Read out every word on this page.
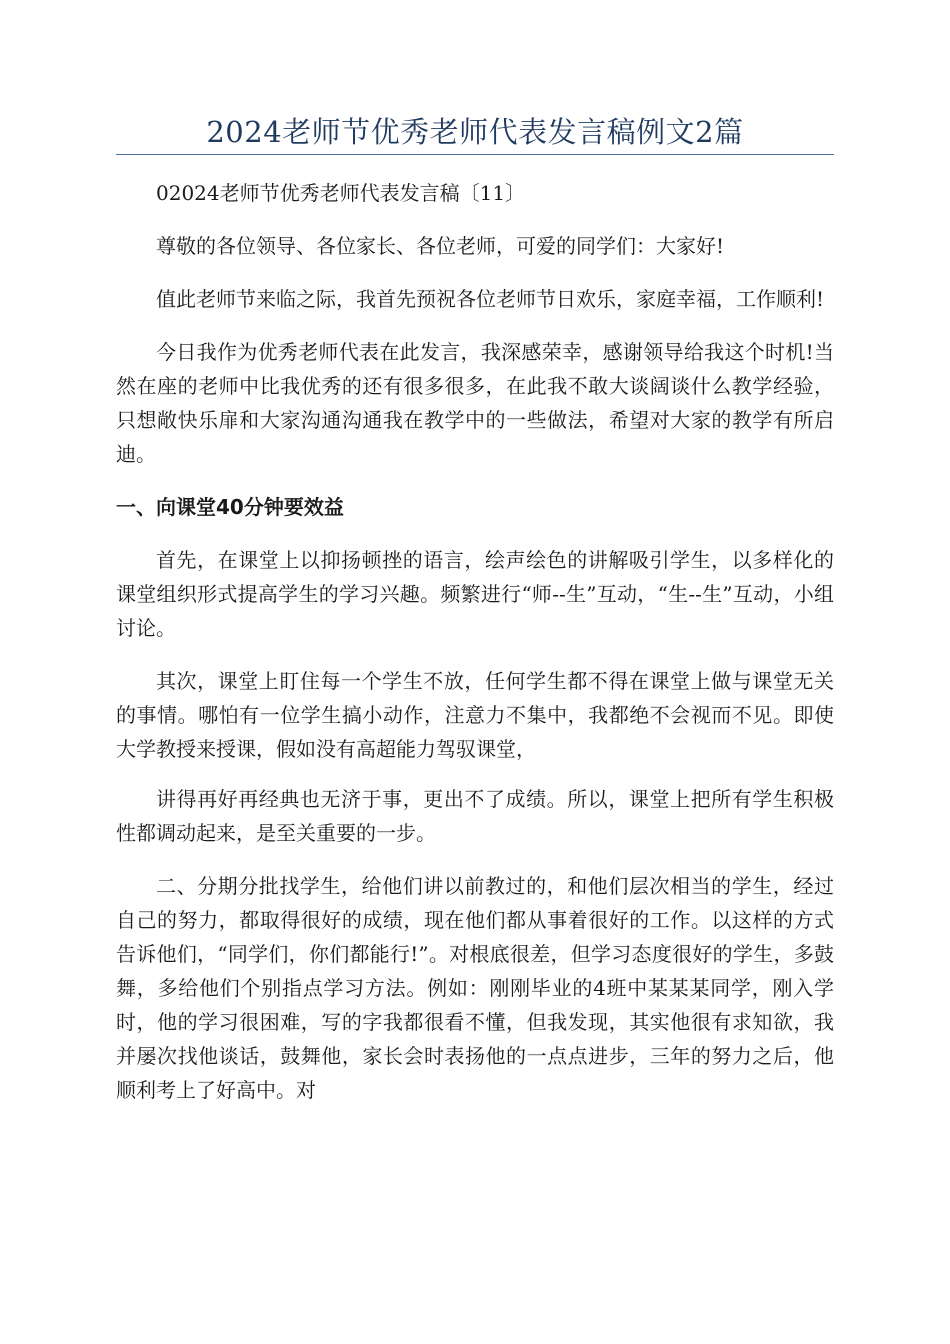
2024老师节优秀老师代表发言稿例文2篇

02024老师节优秀老师代表发言稿〔11〕

尊敬的各位领导、各位家长、各位老师，可爱的同学们：大家好!

值此老师节来临之际，我首先预祝各位老师节日欢乐，家庭幸福，工作顺利!

今日我作为优秀老师代表在此发言，我深感荣幸，感谢领导给我这个时机!当然在座的老师中比我优秀的还有很多很多，在此我不敢大谈阔谈什么教学经验，只想敞快乐扉和大家沟通沟通我在教学中的一些做法，希望对大家的教学有所启迪。

一、向课堂40分钟要效益

首先，在课堂上以抑扬顿挫的语言，绘声绘色的讲解吸引学生，以多样化的课堂组织形式提高学生的学习兴趣。频繁进行“师--生”互动，“生--生”互动，小组讨论。

其次，课堂上盯住每一个学生不放，任何学生都不得在课堂上做与课堂无关的事情。哪怕有一位学生搞小动作，注意力不集中，我都绝不会视而不见。即使大学教授来授课，假如没有高超能力驾驭课堂，

讲得再好再经典也无济于事，更出不了成绩。所以，课堂上把所有学生积极性都调动起来，是至关重要的一步。

二、分期分批找学生，给他们讲以前教过的，和他们层次相当的学生，经过自己的努力，都取得很好的成绩，现在他们都从事着很好的工作。以这样的方式告诉他们，“同学们，你们都能行!”。对根底很差，但学习态度很好的学生，多鼓舞，多给他们个别指点学习方法。例如：刚刚毕业的4班中某某某同学，刚入学时，他的学习很困难，写的字我都很看不懂，但我发现，其实他很有求知欲，我并屡次找他谈话，鼓舞他，家长会时表扬他的一点点进步，三年的努力之后，他顺利考上了好高中。对
